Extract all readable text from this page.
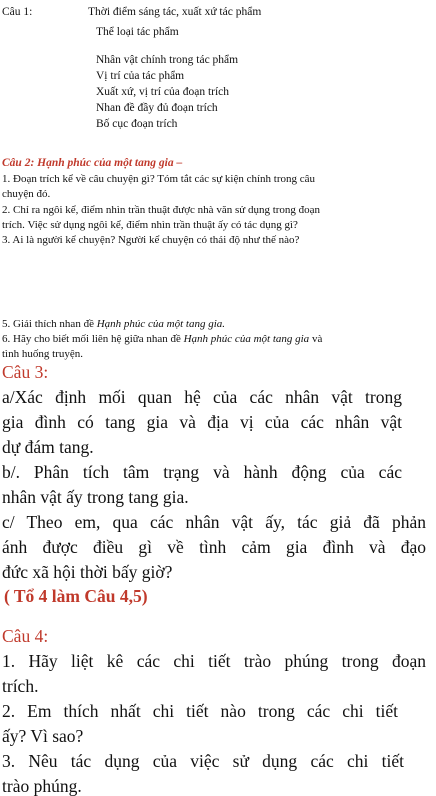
Câu 1:	Thời điểm sáng tác, xuất xứ tác phẩm
Thể loại tác phẩm
Nhân vật chính trong tác phẩm
Vị trí của tác phẩm
Xuất xứ, vị trí của đoạn trích
Nhan đề đầy đủ đoạn trích
Bố cục đoạn trích
Câu 2: Hạnh phúc của một tang gia –
1. Đoạn trích kể về câu chuyện gì? Tóm tắt các sự kiện chính trong câu
chuyện đó.
2. Chỉ ra ngôi kể, điểm nhìn trần thuật được nhà văn sử dụng trong đoạn
trích. Việc sử dụng ngôi kể, điểm nhìn trần thuật ấy có tác dụng gì?
3. Ai là người kể chuyện? Người kể chuyện có thái độ như thế nào?
5. Giải thích nhan đề Hạnh phúc của một tang gia.
6. Hãy cho biết mối liên hệ giữa nhan đề Hạnh phúc của một tang gia và
tình huống truyện.
Câu 3:
a/Xác định mối quan hệ của các nhân vật trong
gia đình có tang gia và địa vị của các nhân vật
dự đám tang.
b/. Phân tích tâm trạng và hành động của các
nhân vật ấy trong tang gia.
c/ Theo em, qua các nhân vật ấy, tác giả đã phản
ánh được điều gì về tình cảm gia đình và đạo
đức xã hội thời bấy giờ?
( Tổ 4 làm Câu 4,5)
Câu 4:
1. Hãy liệt kê các chi tiết trào phúng trong đoạn
trích.
2. Em thích nhất chi tiết nào trong các chi tiết
ấy? Vì sao?
3. Nêu tác dụng của việc sử dụng các chi tiết
trào phúng.
